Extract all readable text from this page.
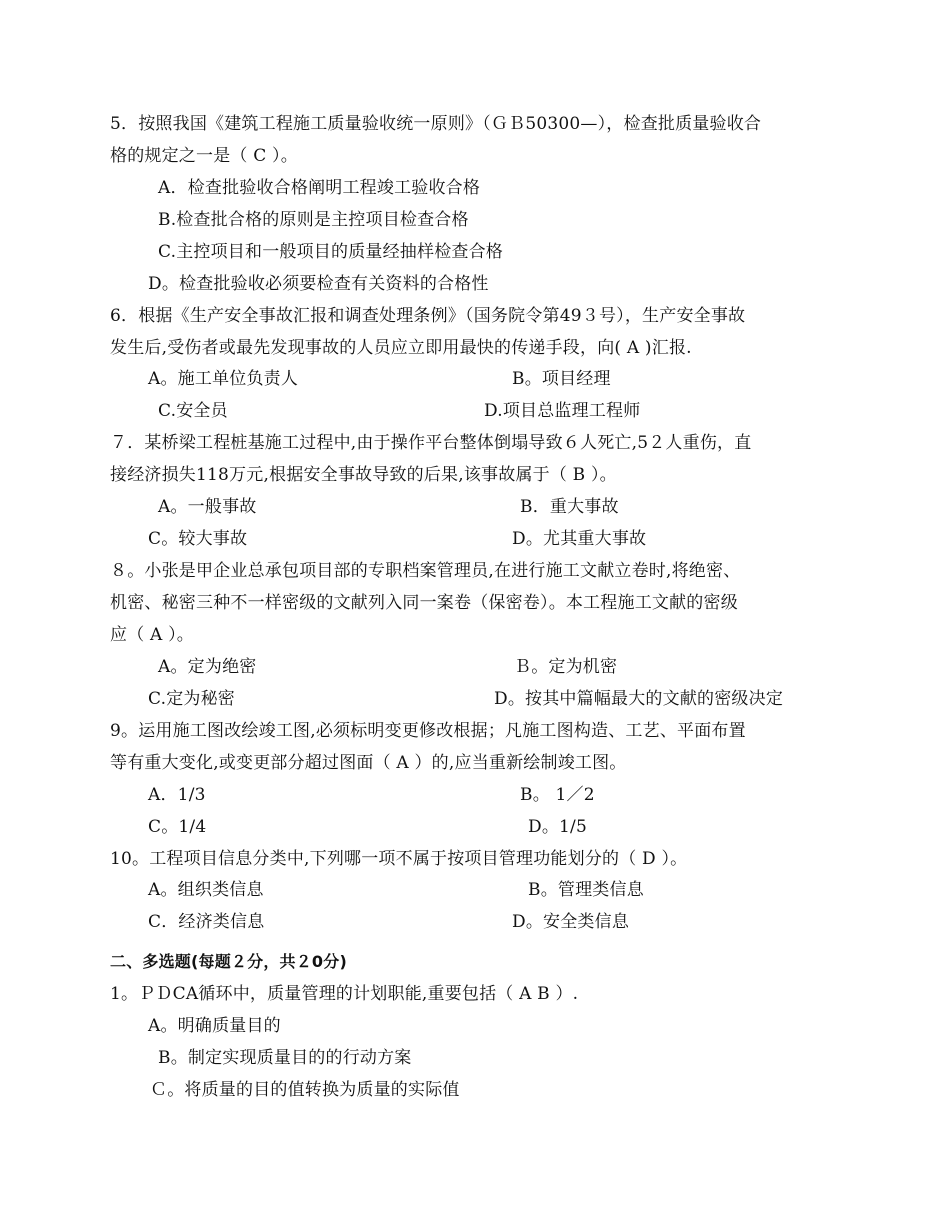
5．按照我国《建筑工程施工质量验收统一原则》（ＧＢ50300—），检查批质量验收合
格的规定之一是（ C ）。
A．检查批验收合格阐明工程竣工验收合格
B.检查批合格的原则是主控项目检查合格
C.主控项目和一般项目的质量经抽样检查合格
D。检查批验收必须要检查有关资料的合格性
6．根据《生产安全事故汇报和调查处理条例》（国务院令第49３号），生产安全事故
发生后,受伤者或最先发现事故的人员应立即用最快的传递手段，向( A )汇报.
A。施工单位负责人	B。项目经理
C.安全员	D.项目总监理工程师
７．某桥梁工程桩基施工过程中,由于操作平台整体倒塌导致６人死亡,5２人重伤，直
接经济损失118万元,根据安全事故导致的后果,该事故属于（ B ）。
A。一般事故	B．重大事故
C。较大事故	D。尤其重大事故
８。小张是甲企业总承包项目部的专职档案管理员,在进行施工文献立卷时,将绝密、
机密、秘密三种不一样密级的文献列入同一案卷（保密卷）。本工程施工文献的密级
应（ A ）。
A。定为绝密	Ｂ。定为机密
C.定为秘密	D。按其中篇幅最大的文献的密级决定
9。运用施工图改绘竣工图,必须标明变更修改根据；凡施工图构造、工艺、平面布置
等有重大变化,或变更部分超过图面（ A ）的,应当重新绘制竣工图。
A．1/3	B。 1／2
C。1/4	D。1/5
10。工程项目信息分类中,下列哪一项不属于按项目管理功能划分的（ D ）。
A。组织类信息	B。管理类信息
C．经济类信息	D。安全类信息
二、多选题(每题２分，共２0分)
1。ＰＤCA循环中，质量管理的计划职能,重要包括（ A B ）.
A。明确质量目的
B。制定实现质量目的的行动方案
Ｃ。将质量的目的值转换为质量的实际值
